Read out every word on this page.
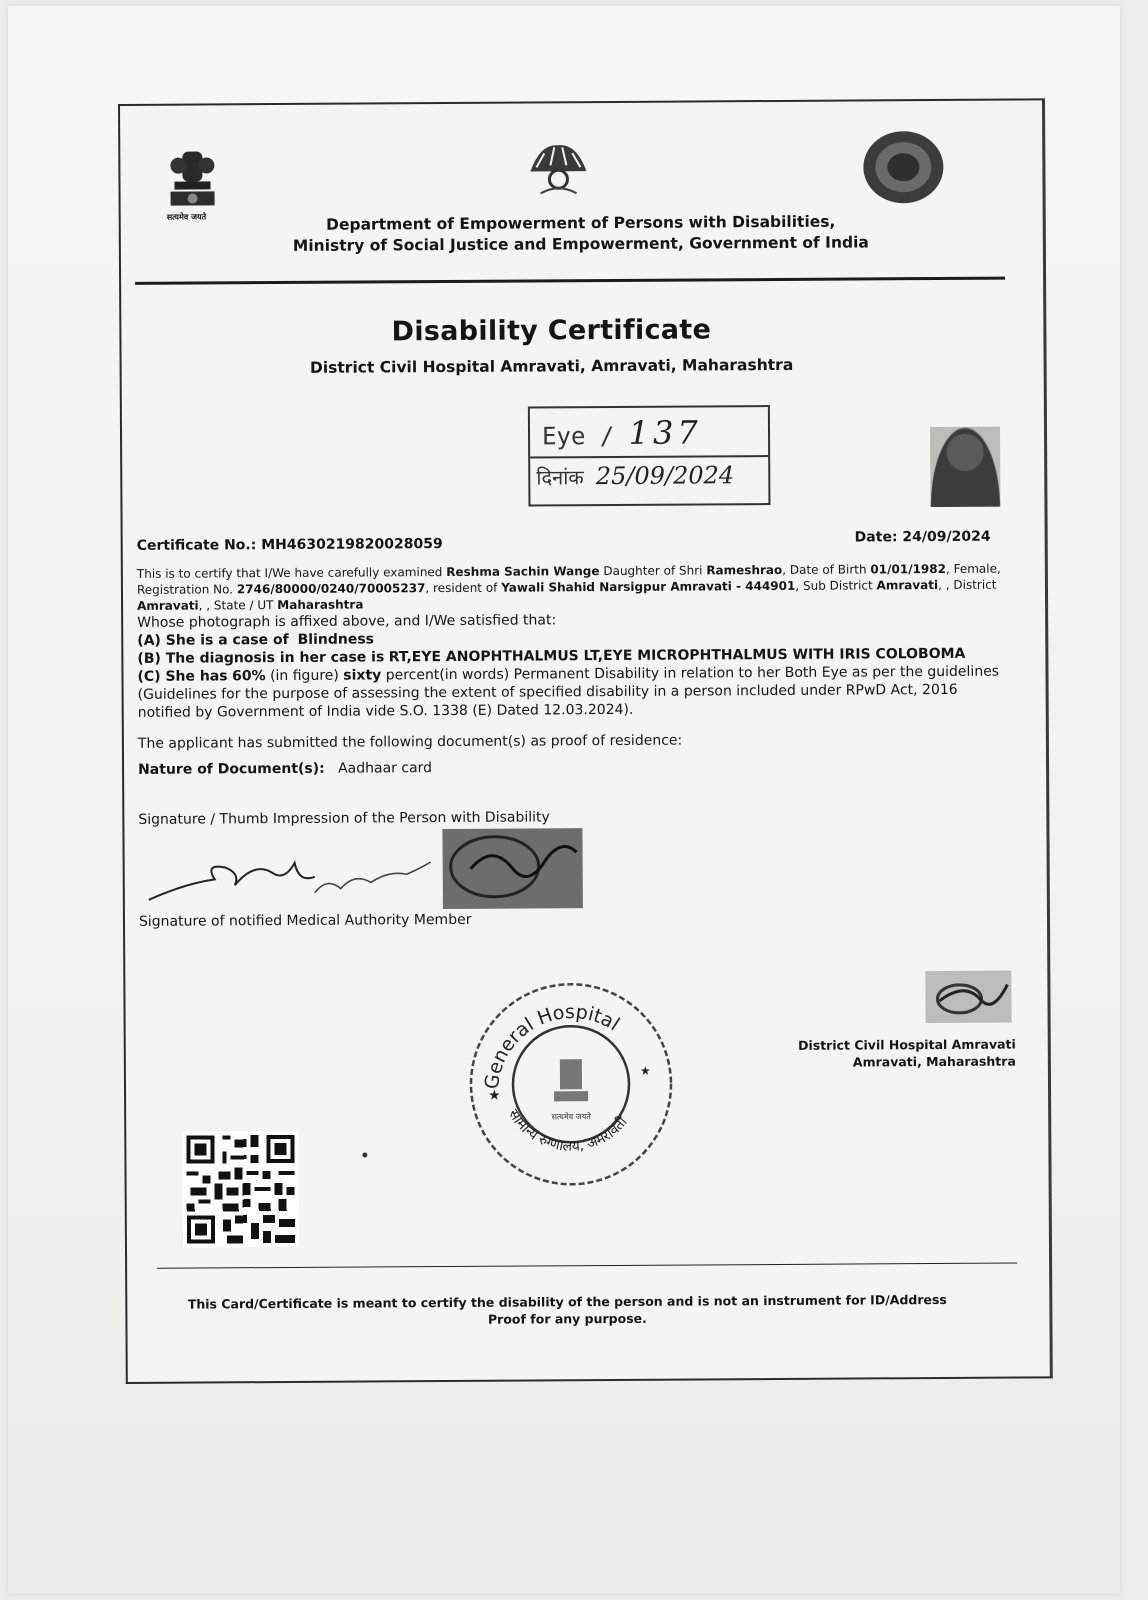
सत्यमेव जयते	Department of Empowerment of Persons with Disabilities,
Ministry of Social Justice and Empowerment, Government of India
Disability Certificate
District Civil Hospital Amravati, Amravati, Maharashtra
Eye / 137
दिनांक 25/09/2024
Certificate No.: MH4630219820028059	Date: 24/09/2024
This is to certify that I/We have carefully examined Reshma Sachin Wange Daughter of Shri Rameshrao, Date of Birth 01/01/1982, Female, Registration No. 2746/80000/0240/70005237, resident of Yawali Shahid Narsigpur Amravati - 444901, Sub District Amravati, , District Amravati, , State / UT Maharashtra
Whose photograph is affixed above, and I/We satisfied that:
(A) She is a case of Blindness
(B) The diagnosis in her case is RT,EYE ANOPHTHALMUS LT,EYE MICROPHTHALMUS WITH IRIS COLOBOMA
(C) She has 60% (in figure) sixty percent(in words) Permanent Disability in relation to her Both Eye as per the guidelines (Guidelines for the purpose of assessing the extent of specified disability in a person included under RPwD Act, 2016 notified by Government of India vide S.O. 1338 (E) Dated 12.03.2024).
The applicant has submitted the following document(s) as proof of residence:
Nature of Document(s): Aadhaar card
Signature / Thumb Impression of the Person with Disability
Signature of notified Medical Authority Member
District Civil Hospital Amravati
Amravati, Maharashtra
General Hospital
सामान्य रुग्णालय, अमरावती
सत्यमेव जयते
★
★
This Card/Certificate is meant to certify the disability of the person and is not an instrument for ID/Address Proof for any purpose.
